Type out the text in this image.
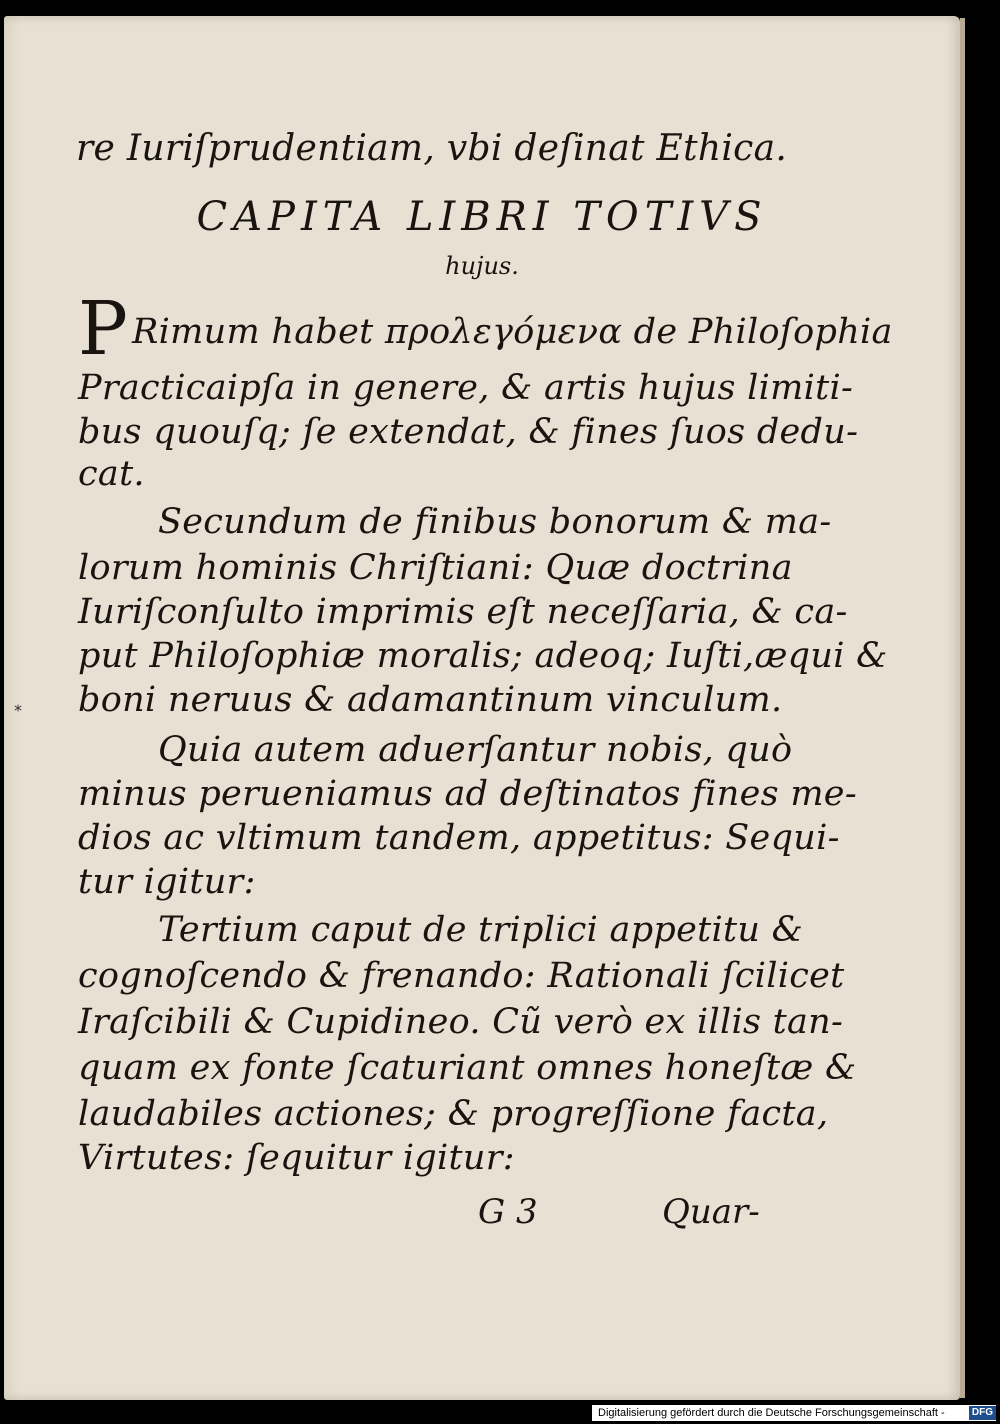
re Iuriſprudentiam, vbi deſinat Ethica.
CAPITA LIBRI TOTIVS
hujus.
P Rimum habet προλεγόμενα de Philoſophia
Practicaipſa in genere, & artis hujus limiti-
bus quouſq; ſe extendat, & fines ſuos dedu-
cat.
Secundum de finibus bonorum & ma-
lorum hominis Chriſtiani: Quæ doctrina
Iuriſconſulto imprimis eſt neceſſaria, & ca-
put Philoſophiæ moralis; adeoq; Iuſti,æqui &
boni neruus & adamantinum vinculum.
Quia autem aduerſantur nobis, quò
minus perueniamus ad deſtinatos fines me-
dios ac vltimum tandem, appetitus: Sequi-
tur igitur:
Tertium caput de triplici appetitu &
cognoſcendo & frenando: Rationali ſcilicet
Iraſcibili & Cupidineo. Cũ verò ex illis tan-
quam ex fonte ſcaturiant omnes honeſtæ &
laudabiles actiones; & progreſſione facta,
Virtutes: ſequitur igitur:
G 3	Quar-
⁎
Digitalisierung gefördert durch die Deutsche Forschungsgemeinschaft -	DFG
